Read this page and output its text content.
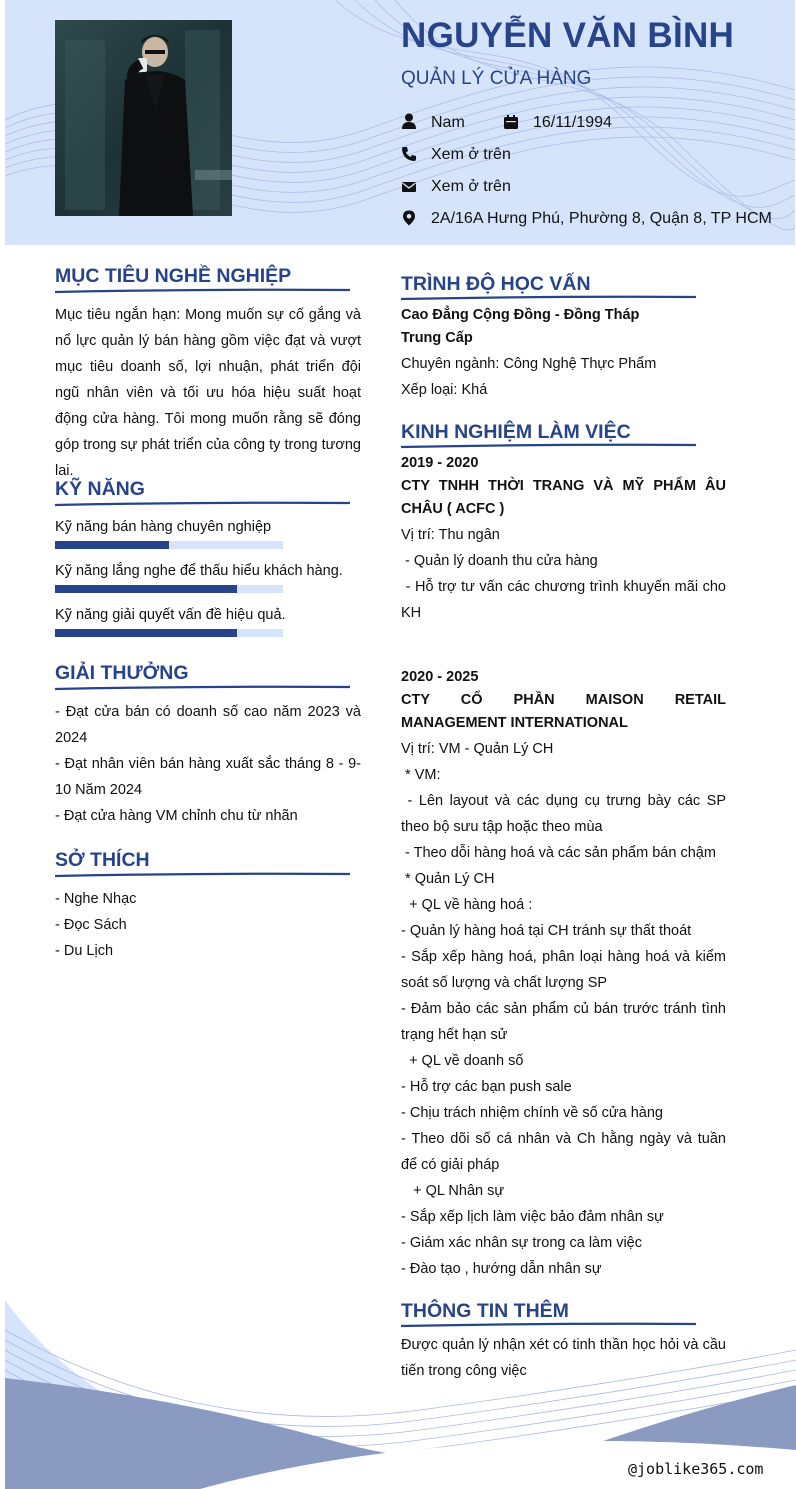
NGUYỄN VĂN BÌNH
QUẢN LÝ CỬA HÀNG
Nam	16/11/1994
Xem ở trên
Xem ở trên
2A/16A Hưng Phú, Phường 8, Quận 8, TP HCM
MỤC TIÊU NGHỀ NGHIỆP
Mục tiêu ngắn hạn: Mong muốn sự cố gắng và nổ lực quản lý bán hàng gồm việc đạt và vượt mục tiêu doanh số, lợi nhuận, phát triển đội ngũ nhân viên và tối ưu hóa hiệu suất hoạt động cửa hàng. Tôi mong muốn rằng sẽ đóng góp trong sự phát triển của công ty trong tương lai.
KỸ NĂNG
Kỹ năng bán hàng chuyên nghiệp
Kỹ năng lắng nghe để thấu hiểu khách hàng.
Kỹ năng giải quyết vấn đề hiệu quả.
GIẢI THƯỞNG
- Đạt cửa bán có doanh số cao năm 2023 và 2024
- Đạt nhân viên bán hàng xuất sắc tháng 8 - 9- 10 Năm 2024
- Đạt cửa hàng VM chỉnh chu từ nhãn
SỞ THÍCH
- Nghe Nhạc
- Đọc Sách
- Du Lịch
TRÌNH ĐỘ HỌC VẤN
Cao Đẳng Cộng Đồng - Đồng Tháp
Trung Cấp
Chuyên ngành: Công Nghệ Thực Phẩm
Xếp loại: Khá
KINH NGHIỆM LÀM VIỆC
2019 - 2020
CTY TNHH THỜI TRANG VÀ MỸ PHẨM ÂU CHÂU ( ACFC )
Vị trí: Thu ngân
- Quản lý doanh thu cửa hàng
- Hỗ trợ tư vấn các chương trình khuyến mãi cho KH
2020 - 2025
CTY CỔ PHẦN MAISON RETAIL MANAGEMENT INTERNATIONAL
Vị trí: VM - Quản Lý CH
* VM:
- Lên layout và các dụng cụ trưng bày các SP theo bộ sưu tập hoặc theo mùa
- Theo dỗi hàng hoá và các sản phẩm bán chậm
* Quản Lý CH
+ QL về hàng hoá :
- Quản lý hàng hoá tại CH tránh sự thất thoát
- Sắp xếp hàng hoá, phân loại hàng hoá và kiểm soát số lượng và chất lượng SP
- Đảm bảo các sản phẩm củ bán trước tránh tình trạng hết hạn sử
+ QL về doanh số
- Hỗ trợ các bạn push sale
- Chịu trách nhiệm chính về số cửa hàng
- Theo dõi số cá nhân và Ch hằng ngày và tuần để có giải pháp
+ QL Nhân sự
- Sắp xếp lịch làm việc bảo đảm nhân sự
- Giám xác nhân sự trong ca làm việc
- Đào tạo , hướng dẫn nhân sự
THÔNG TIN THÊM
Được quản lý nhận xét có tinh thần học hỏi và cầu tiến trong công việc
@joblike365.com
